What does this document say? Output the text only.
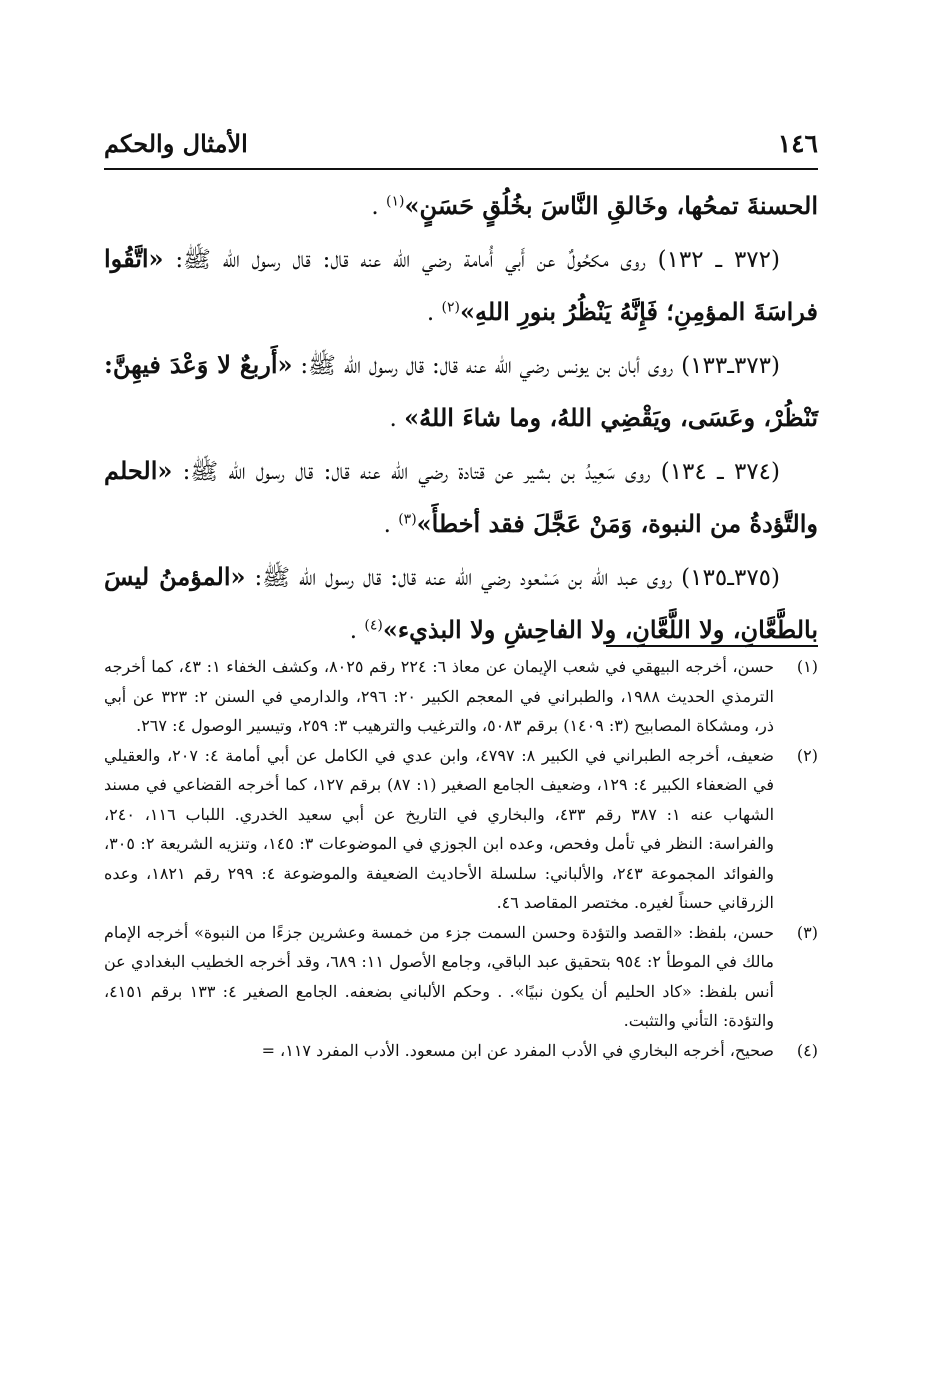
١٤٦
الأمثال والحكم

الحسنةَ تمحُها، وخَالقِ النَّاسَ بخُلُقٍ حَسَنٍ»$^{(١)}$ .

(٣٧٢ ـ ١٣٢) روى مكحُولٌ عن أَبي أُمامة رضي الله عنه قال: قال رسول الله ﷺ: «اتَّقُوا فراسَةَ المؤمِنِ؛ فَإِنَّهُ يَنْظُرُ بنورِ اللهِ»$^{(٢)}$ .

(٣٧٣ـ١٣٣) روى أبان بن يونس رضي الله عنه قال: قال رسول الله ﷺ: «أَربعٌ لا وَعْدَ فيهِنَّ: تَنْظُرْ، وعَسَى، ويَقْضِي اللهُ، وما شاءَ اللهُ» .

(٣٧٤ ـ ١٣٤) روى سَعِيدُ بن بشير عن قتادة رضي الله عنه قال: قال رسول الله ﷺ: «الحلم والتَّؤدةُ من النبوة، وَمَنْ عَجَّلَ فقد أخطأَ»$^{(٣)}$ .

(٣٧٥ـ١٣٥) روى عبد الله بن مَسْعود رضي الله عنه قال: قال رسول الله ﷺ: «المؤمنُ ليسَ بالطَّعَّانِ، ولا اللَّعَّانِ، ولا الفاحِشِ ولا البذيء»$^{(٤)}$ .

(١)
حسن، أخرجه البيهقي في شعب الإيمان عن معاذ ٦: ٢٢٤ رقم ٨٠٢٥، وكشف الخفاء ١: ٤٣، كما أخرجه الترمذي الحديث ١٩٨٨، والطبراني في المعجم الكبير ٢٠: ٢٩٦، والدارمي في السنن ٢: ٣٢٣ عن أبي ذر، ومشكاة المصابيح (٣: ١٤٠٩) برقم ٥٠٨٣، والترغيب والترهيب ٣: ٢٥٩، وتيسير الوصول ٤: ٢٦٧.
(٢)
ضعيف، أخرجه الطبراني في الكبير ٨: ٤٧٩٧، وابن عدي في الكامل عن أبي أمامة ٤: ٢٠٧، والعقيلي في الضعفاء الكبير ٤: ١٢٩، وضعيف الجامع الصغير (١: ٨٧) برقم ١٢٧، كما أخرجه القضاعي في مسند الشهاب عنه ١: ٣٨٧ رقم ٤٣٣، والبخاري في التاريخ عن أبي سعيد الخدري. اللباب ١١٦، ٢٤٠، والفراسة: النظر في تأمل وفحص، وعده ابن الجوزي في الموضوعات ٣: ١٤٥، وتنزيه الشريعة ٢: ٣٠٥، والفوائد المجموعة ٢٤٣، والألباني: سلسلة الأحاديث الضعيفة والموضوعة ٤: ٢٩٩ رقم ١٨٢١، وعده الزرقاني حسناً لغيره. مختصر المقاصد ٤٦.
(٣)
حسن، بلفظ: «القصد والتؤدة وحسن السمت جزء من خمسة وعشرين جزءًا من النبوة» أخرجه الإمام مالك في الموطأ ٢: ٩٥٤ بتحقيق عبد الباقي، وجامع الأصول ١١: ٦٨٩، وقد أخرجه الخطيب البغدادي عن أنس بلفظ: «كاد الحليم أن يكون نبيًا». . وحكم الألباني بضعفه. الجامع الصغير ٤: ١٣٣ برقم ٤١٥١، والتؤدة: التأني والتثبت.
(٤)
صحيح، أخرجه البخاري في الأدب المفرد عن ابن مسعود. الأدب المفرد ١١٧، =
